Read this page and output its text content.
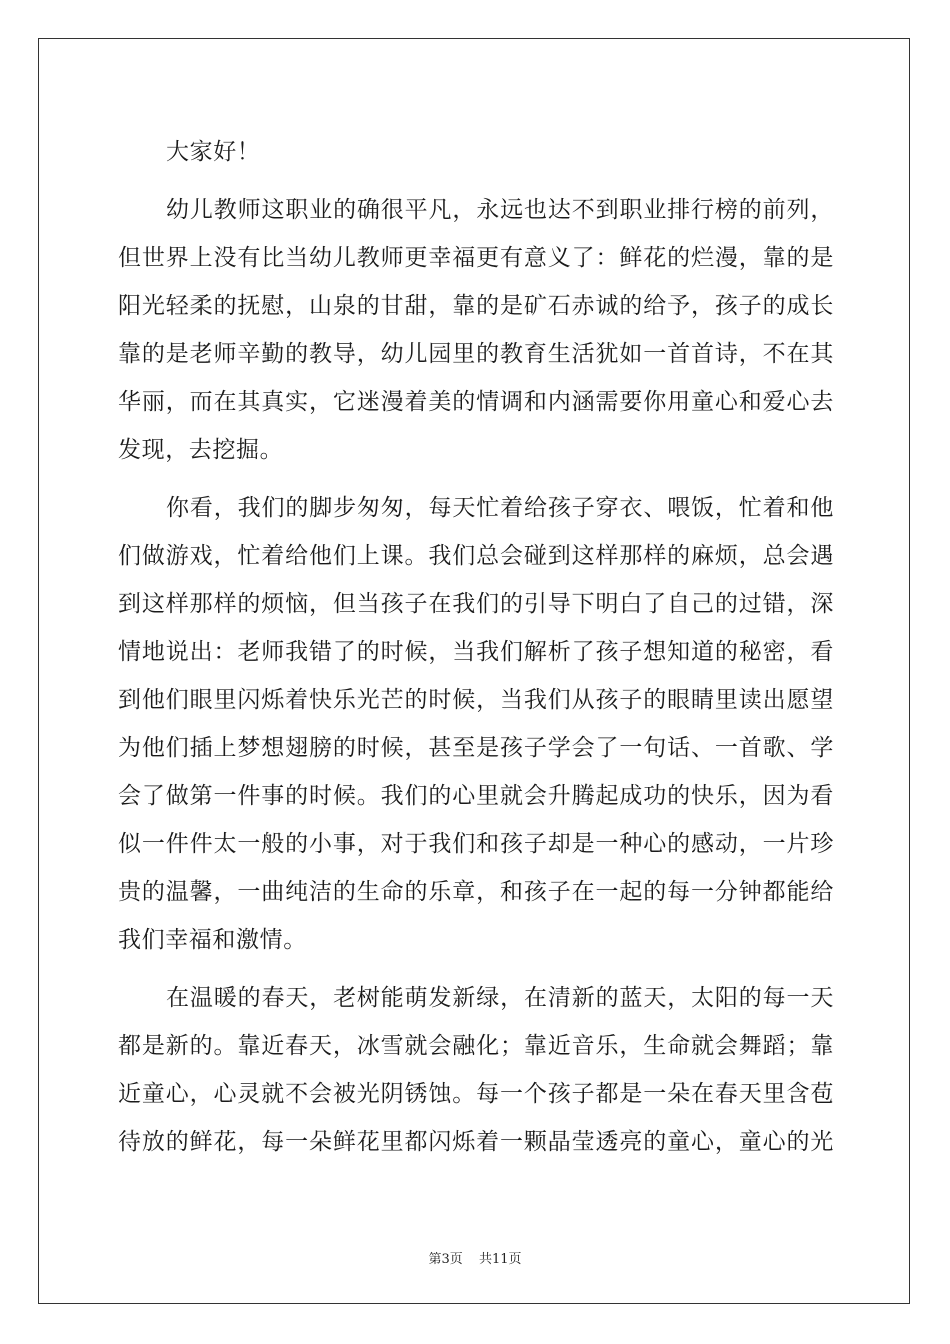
大家好！
幼儿教师这职业的确很平凡，永远也达不到职业排行榜的前列，
但世界上没有比当幼儿教师更幸福更有意义了：鲜花的烂漫，靠的是
阳光轻柔的抚慰，山泉的甘甜，靠的是矿石赤诚的给予，孩子的成长
靠的是老师辛勤的教导，幼儿园里的教育生活犹如一首首诗，不在其
华丽，而在其真实，它迷漫着美的情调和内涵需要你用童心和爱心去
发现，去挖掘。
你看，我们的脚步匆匆，每天忙着给孩子穿衣、喂饭，忙着和他
们做游戏，忙着给他们上课。我们总会碰到这样那样的麻烦，总会遇
到这样那样的烦恼，但当孩子在我们的引导下明白了自己的过错，深
情地说出：老师我错了的时候，当我们解析了孩子想知道的秘密，看
到他们眼里闪烁着快乐光芒的时候，当我们从孩子的眼睛里读出愿望
为他们插上梦想翅膀的时候，甚至是孩子学会了一句话、一首歌、学
会了做第一件事的时候。我们的心里就会升腾起成功的快乐，因为看
似一件件太一般的小事，对于我们和孩子却是一种心的感动，一片珍
贵的温馨，一曲纯洁的生命的乐章，和孩子在一起的每一分钟都能给
我们幸福和激情。
在温暖的春天，老树能萌发新绿，在清新的蓝天，太阳的每一天
都是新的。靠近春天，冰雪就会融化；靠近音乐，生命就会舞蹈；靠
近童心，心灵就不会被光阴锈蚀。每一个孩子都是一朵在春天里含苞
待放的鲜花，每一朵鲜花里都闪烁着一颗晶莹透亮的童心，童心的光
第3页 共11页
